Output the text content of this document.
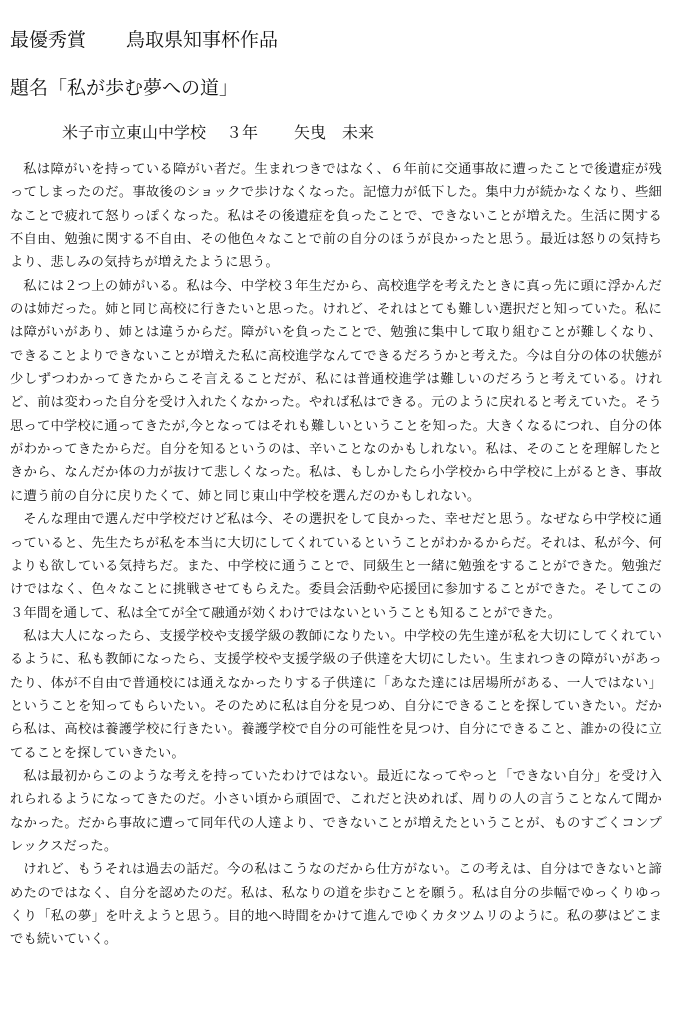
最優秀賞 鳥取県知事杯作品
題名「私が歩む夢への道」
米子市立東山中学校 ３年 矢曳 未来

私は障がいを持っている障がい者だ。生まれつきではなく、６年前に交通事故に遭ったことで後遺症が残ってしまったのだ。事故後のショックで歩けなくなった。記憶力が低下した。集中力が続かなくなり、些細なことで疲れて怒りっぽくなった。私はその後遺症を負ったことで、できないことが増えた。生活に関する不自由、勉強に関する不自由、その他色々なことで前の自分のほうが良かったと思う。最近は怒りの気持ちより、悲しみの気持ちが増えたように思う。

私には２つ上の姉がいる。私は今、中学校３年生だから、高校進学を考えたときに真っ先に頭に浮かんだのは姉だった。姉と同じ高校に行きたいと思った。けれど、それはとても難しい選択だと知っていた。私には障がいがあり、姉とは違うからだ。障がいを負ったことで、勉強に集中して取り組むことが難しくなり、できることよりできないことが増えた私に高校進学なんてできるだろうかと考えた。今は自分の体の状態が少しずつわかってきたからこそ言えることだが、私には普通校進学は難しいのだろうと考えている。けれど、前は変わった自分を受け入れたくなかった。やれば私はできる。元のように戻れると考えていた。そう思って中学校に通ってきたが,今となってはそれも難しいということを知った。大きくなるにつれ、自分の体がわかってきたからだ。自分を知るというのは、辛いことなのかもしれない。私は、そのことを理解したときから、なんだか体の力が抜けて悲しくなった。私は、もしかしたら小学校から中学校に上がるとき、事故に遭う前の自分に戻りたくて、姉と同じ東山中学校を選んだのかもしれない。

そんな理由で選んだ中学校だけど私は今、その選択をして良かった、幸せだと思う。なぜなら中学校に通っていると、先生たちが私を本当に大切にしてくれているということがわかるからだ。それは、私が今、何よりも欲している気持ちだ。また、中学校に通うことで、同級生と一緒に勉強をすることができた。勉強だけではなく、色々なことに挑戦させてもらえた。委員会活動や応援団に参加することができた。そしてこの３年間を通して、私は全てが全て融通が効くわけではないということも知ることができた。

私は大人になったら、支援学校や支援学級の教師になりたい。中学校の先生達が私を大切にしてくれているように、私も教師になったら、支援学校や支援学級の子供達を大切にしたい。生まれつきの障がいがあったり、体が不自由で普通校には通えなかったりする子供達に「あなた達には居場所がある、一人ではない」ということを知ってもらいたい。そのために私は自分を見つめ、自分にできることを探していきたい。だから私は、高校は養護学校に行きたい。養護学校で自分の可能性を見つけ、自分にできること、誰かの役に立てることを探していきたい。

私は最初からこのような考えを持っていたわけではない。最近になってやっと「できない自分」を受け入れられるようになってきたのだ。小さい頃から頑固で、これだと決めれば、周りの人の言うことなんて聞かなかった。だから事故に遭って同年代の人達より、できないことが増えたということが、ものすごくコンプレックスだった。

けれど、もうそれは過去の話だ。今の私はこうなのだから仕方がない。この考えは、自分はできないと諦めたのではなく、自分を認めたのだ。私は、私なりの道を歩むことを願う。私は自分の歩幅でゆっくりゆっくり「私の夢」を叶えようと思う。目的地へ時間をかけて進んでゆくカタツムリのように。私の夢はどこまでも続いていく。
